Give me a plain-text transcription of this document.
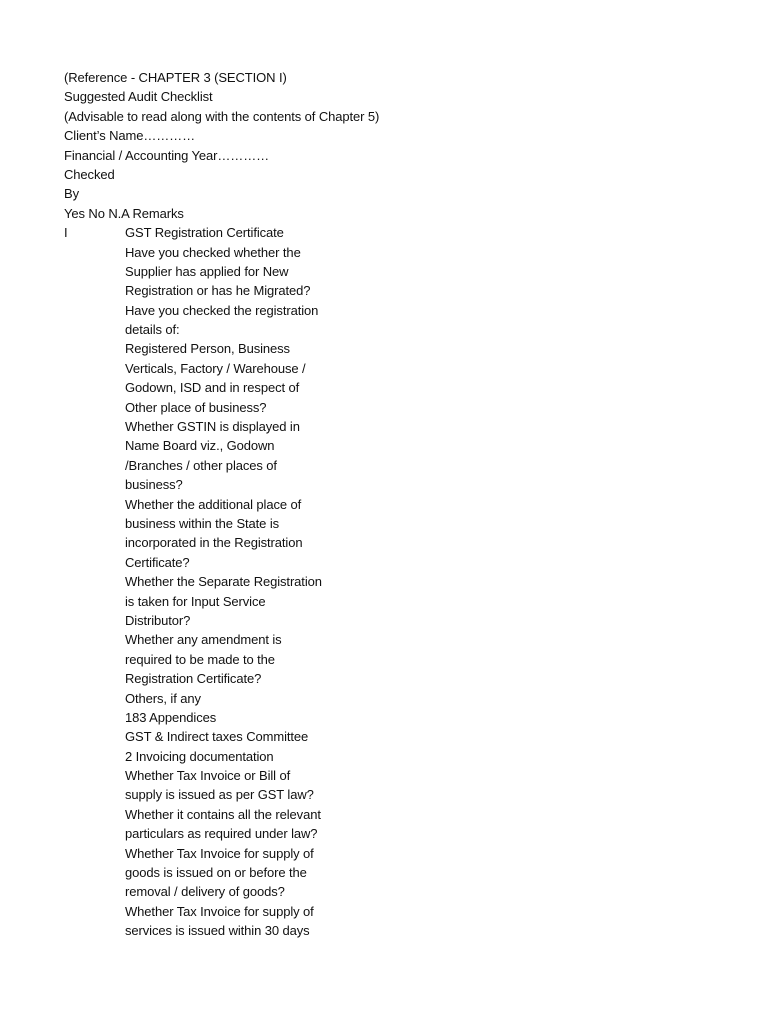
(Reference - CHAPTER 3 (SECTION I)
Suggested Audit Checklist
(Advisable to read along with the contents of Chapter 5)
Client’s Name…………
Financial / Accounting Year…………
Checked
By
Yes No N.A Remarks
I	GST Registration Certificate
Have you checked whether the
Supplier has applied for New
Registration or has he Migrated?
Have you checked the registration
details of:
Registered Person, Business
Verticals, Factory / Warehouse /
Godown, ISD and in respect of
Other place of business?
Whether GSTIN is displayed in
Name Board viz., Godown
/Branches / other places of
business?
Whether the additional place of
business within the State is
incorporated in the Registration
Certificate?
Whether the Separate Registration
is taken for Input Service
Distributor?
Whether any amendment is
required to be made to the
Registration Certificate?
Others, if any
183 Appendices
GST & Indirect taxes Committee
2 Invoicing documentation
Whether Tax Invoice or Bill of
supply is issued as per GST law?
Whether it contains all the relevant
particulars as required under law?
Whether Tax Invoice for supply of
goods is issued on or before the
removal / delivery of goods?
Whether Tax Invoice for supply of
services is issued within 30 days
